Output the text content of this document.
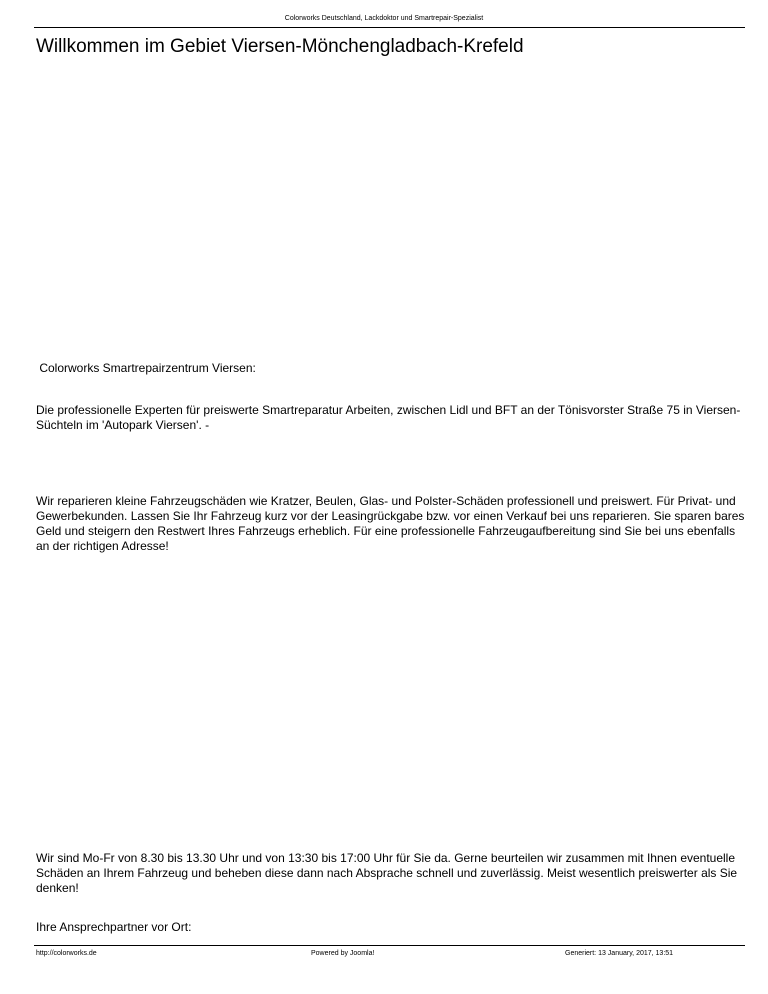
Colorworks Deutschland, Lackdoktor und Smartrepair-Spezialist
Willkommen im Gebiet Viersen-Mönchengladbach-Krefeld

Colorworks Smartrepairzentrum Viersen:

Die professionelle Experten für preiswerte Smartreparatur Arbeiten, zwischen Lidl und BFT an der Tönisvorster Straße 75 in Viersen-Süchteln im 'Autopark Viersen'. -

Wir reparieren kleine Fahrzeugschäden wie Kratzer, Beulen, Glas- und Polster-Schäden professionell und preiswert. Für Privat- und Gewerbekunden. Lassen Sie Ihr Fahrzeug kurz vor der Leasingrückgabe bzw. vor einen Verkauf bei uns reparieren. Sie sparen bares Geld und steigern den Restwert Ihres Fahrzeugs erheblich. Für eine professionelle Fahrzeugaufbereitung sind Sie bei uns ebenfalls an der richtigen Adresse!

Wir sind Mo-Fr von 8.30 bis 13.30 Uhr und von 13:30 bis 17:00 Uhr für Sie da. Gerne beurteilen wir zusammen mit Ihnen eventuelle Schäden an Ihrem Fahrzeug und beheben diese dann nach Absprache schnell und zuverlässig. Meist wesentlich preiswerter als Sie denken!

Ihre Ansprechpartner vor Ort:

http://colorworks.de	Powered by Joomla!	Generiert: 13 January, 2017, 13:51
